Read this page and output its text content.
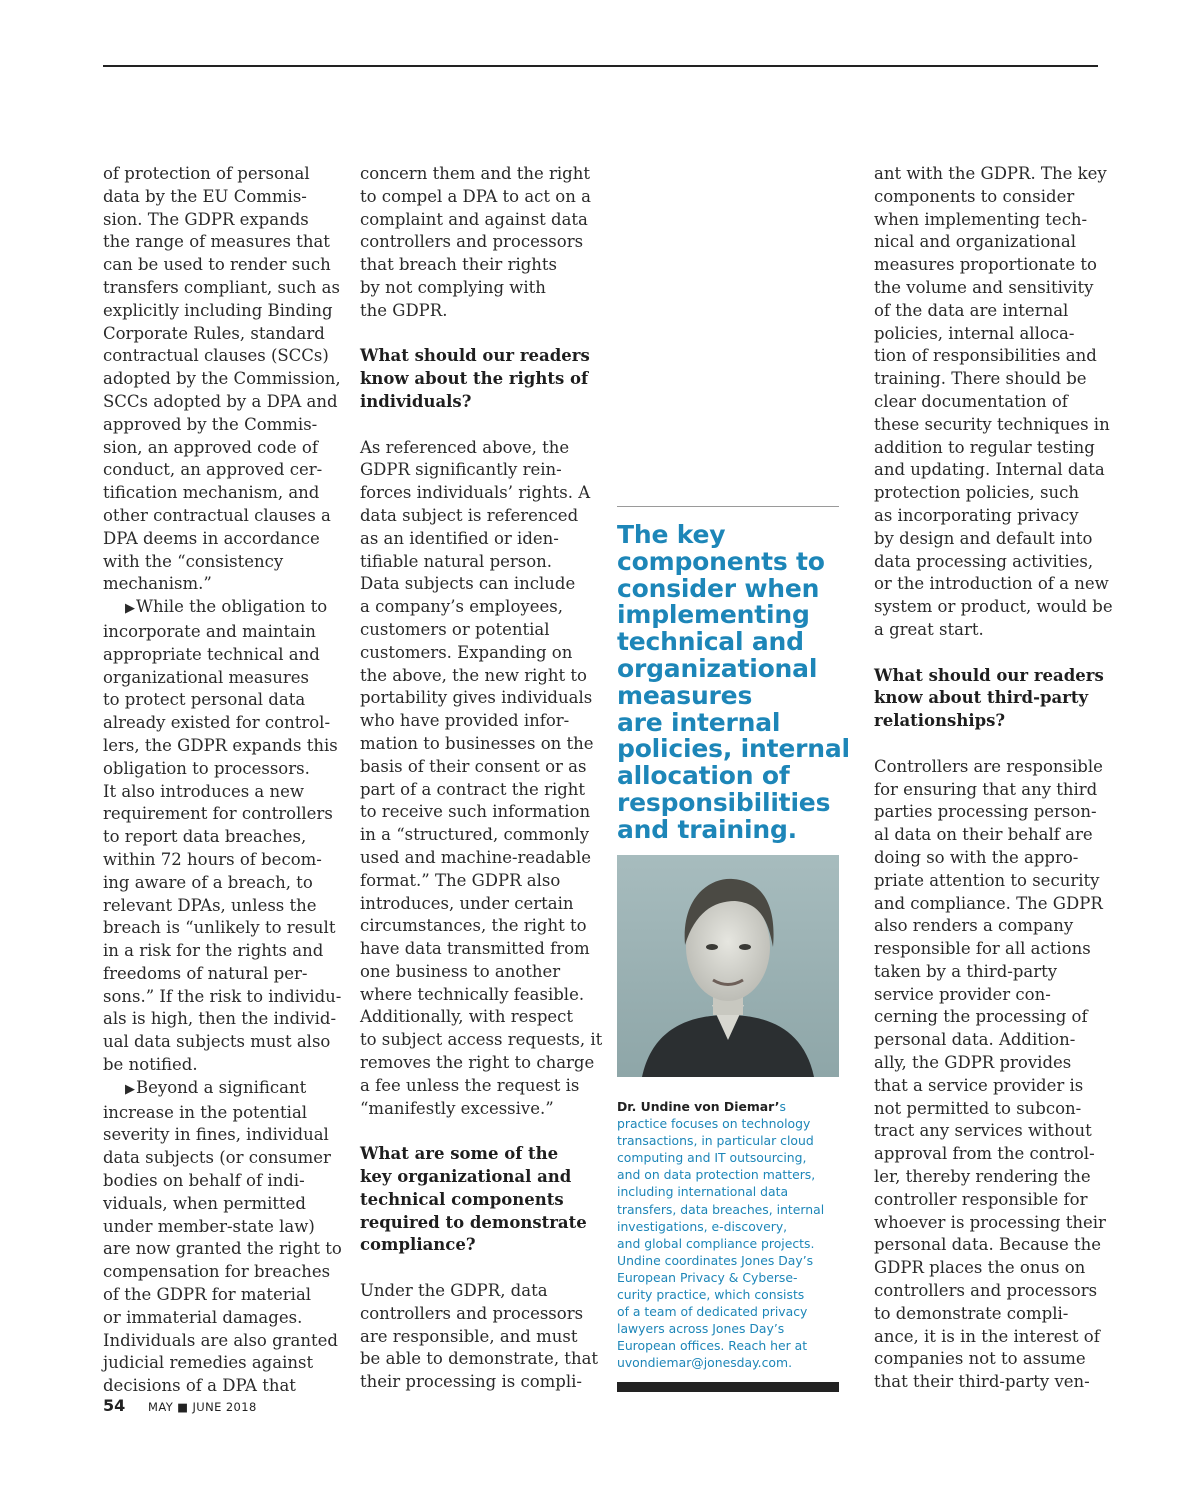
of protection of personal
data by the EU Commis-
sion. The GDPR expands
the range of measures that
can be used to render such
transfers compliant, such as
explicitly including Binding
Corporate Rules, standard
contractual clauses (SCCs)
adopted by the Commission,
SCCs adopted by a DPA and
approved by the Commis-
sion, an approved code of
conduct, an approved cer-
tification mechanism, and
other contractual clauses a
DPA deems in accordance
with the “consistency
mechanism.”
▶ While the obligation to
incorporate and maintain
appropriate technical and
organizational measures
to protect personal data
already existed for control-
lers, the GDPR expands this
obligation to processors.
It also introduces a new
requirement for controllers
to report data breaches,
within 72 hours of becom-
ing aware of a breach, to
relevant DPAs, unless the
breach is “unlikely to result
in a risk for the rights and
freedoms of natural per-
sons.” If the risk to individu-
als is high, then the individ-
ual data subjects must also
be notified.
▶ Beyond a significant
increase in the potential
severity in fines, individual
data subjects (or consumer
bodies on behalf of indi-
viduals, when permitted
under member-state law)
are now granted the right to
compensation for breaches
of the GDPR for material
or immaterial damages.
Individuals are also granted
judicial remedies against
decisions of a DPA that
concern them and the right
to compel a DPA to act on a
complaint and against data
controllers and processors
that breach their rights
by not complying with
the GDPR.
What should our readers
know about the rights of
individuals?
As referenced above, the
GDPR significantly rein-
forces individuals’ rights. A
data subject is referenced
as an identified or iden-
tifiable natural person.
Data subjects can include
a company’s employees,
customers or potential
customers. Expanding on
the above, the new right to
portability gives individuals
who have provided infor-
mation to businesses on the
basis of their consent or as
part of a contract the right
to receive such information
in a “structured, commonly
used and machine-readable
format.” The GDPR also
introduces, under certain
circumstances, the right to
have data transmitted from
one business to another
where technically feasible.
Additionally, with respect
to subject access requests, it
removes the right to charge
a fee unless the request is
“manifestly excessive.”
What are some of the
key organizational and
technical components
required to demonstrate
compliance?
Under the GDPR, data
controllers and processors
are responsible, and must
be able to demonstrate, that
their processing is compli-
The key
components to
consider when
implementing
technical and
organizational
measures
are internal
policies, internal
allocation of
responsibilities
and training.
Dr. Undine von Diemar’s
practice focuses on technology
transactions, in particular cloud
computing and IT outsourcing,
and on data protection matters,
including international data
transfers, data breaches, internal
investigations, e-discovery,
and global compliance projects.
Undine coordinates Jones Day’s
European Privacy & Cyberse-
curity practice, which consists
of a team of dedicated privacy
lawyers across Jones Day’s
European offices. Reach her at
uvondiemar@jonesday.com.
ant with the GDPR. The key
components to consider
when implementing tech-
nical and organizational
measures proportionate to
the volume and sensitivity
of the data are internal
policies, internal alloca-
tion of responsibilities and
training. There should be
clear documentation of
these security techniques in
addition to regular testing
and updating. Internal data
protection policies, such
as incorporating privacy
by design and default into
data processing activities,
or the introduction of a new
system or product, would be
a great start.
What should our readers
know about third-party
relationships?
Controllers are responsible
for ensuring that any third
parties processing person-
al data on their behalf are
doing so with the appro-
priate attention to security
and compliance. The GDPR
also renders a company
responsible for all actions
taken by a third-party
service provider con-
cerning the processing of
personal data. Addition-
ally, the GDPR provides
that a service provider is
not permitted to subcon-
tract any services without
approval from the control-
ler, thereby rendering the
controller responsible for
whoever is processing their
personal data. Because the
GDPR places the onus on
controllers and processors
to demonstrate compli-
ance, it is in the interest of
companies not to assume
that their third-party ven-
54 MAY ■ JUNE 2018
